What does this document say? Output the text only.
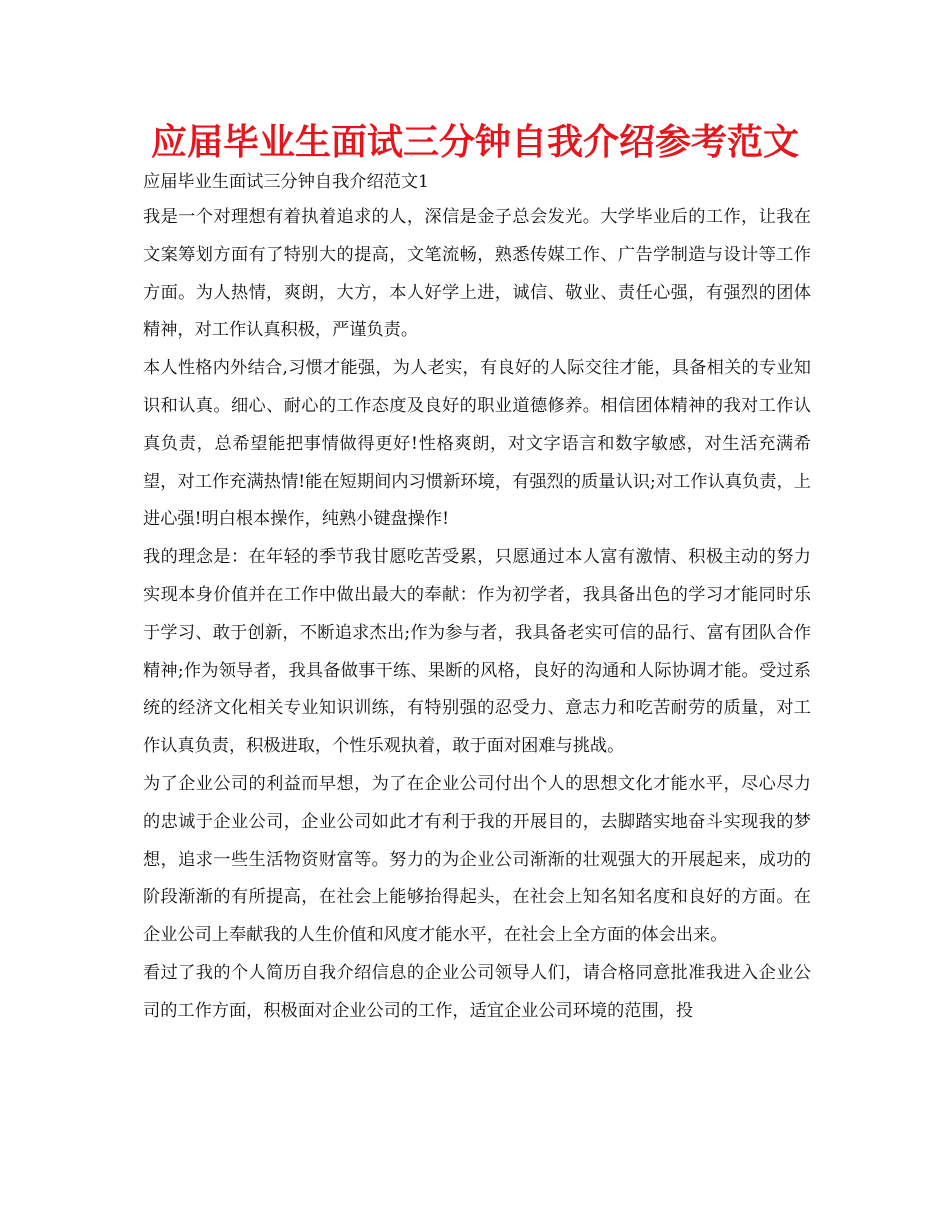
应届毕业生面试三分钟自我介绍参考范文

应届毕业生面试三分钟自我介绍范文1

我是一个对理想有着执着追求的人，深信是金子总会发光。大学毕业后的工作，让我在文案筹划方面有了特别大的提高，文笔流畅，熟悉传媒工作、广告学制造与设计等工作方面。为人热情，爽朗，大方，本人好学上进，诚信、敬业、责任心强，有强烈的团体精神，对工作认真积极，严谨负责。

本人性格内外结合,习惯才能强，为人老实，有良好的人际交往才能，具备相关的专业知识和认真。细心、耐心的工作态度及良好的职业道德修养。相信团体精神的我对工作认真负责，总希望能把事情做得更好!性格爽朗，对文字语言和数字敏感，对生活充满希望，对工作充满热情!能在短期间内习惯新环境，有强烈的质量认识;对工作认真负责，上进心强!明白根本操作，纯熟小键盘操作!

我的理念是：在年轻的季节我甘愿吃苦受累，只愿通过本人富有激情、积极主动的努力实现本身价值并在工作中做出最大的奉献：作为初学者，我具备出色的学习才能同时乐于学习、敢于创新，不断追求杰出;作为参与者，我具备老实可信的品行、富有团队合作精神;作为领导者，我具备做事干练、果断的风格，良好的沟通和人际协调才能。受过系统的经济文化相关专业知识训练，有特别强的忍受力、意志力和吃苦耐劳的质量，对工作认真负责，积极进取，个性乐观执着，敢于面对困难与挑战。

为了企业公司的利益而早想，为了在企业公司付出个人的思想文化才能水平，尽心尽力的忠诚于企业公司，企业公司如此才有利于我的开展目的，去脚踏实地奋斗实现我的梦想，追求一些生活物资财富等。努力的为企业公司渐渐的壮观强大的开展起来，成功的阶段渐渐的有所提高，在社会上能够抬得起头，在社会上知名知名度和良好的方面。在企业公司上奉献我的人生价值和风度才能水平，在社会上全方面的体会出来。

看过了我的个人简历自我介绍信息的企业公司领导人们，请合格同意批准我进入企业公司的工作方面，积极面对企业公司的工作，适宜企业公司环境的范围，投
